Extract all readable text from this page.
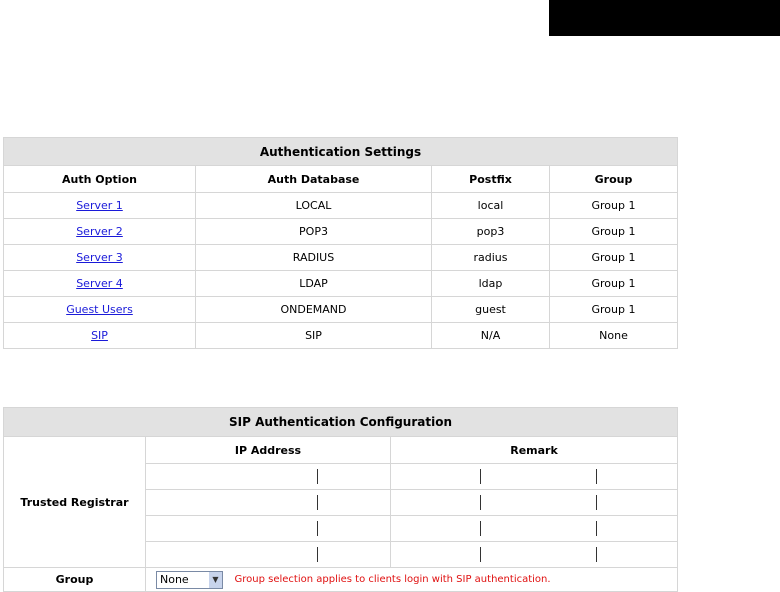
Authentication Settings			
Auth Option	Auth Database	Postfix	Group
Server 1	LOCAL	local	Group 1
Server 2	POP3	pop3	Group 1
Server 3	RADIUS	radius	Group 1
Server 4	LDAP	ldap	Group 1
Guest Users	ONDEMAND	guest	Group 1
SIP	SIP	N/A	None
SIP Authentication Configuration		
Trusted Registrar	IP Address	Remark

Group	None ▼ Group selection applies to clients login with SIP authentication.	
